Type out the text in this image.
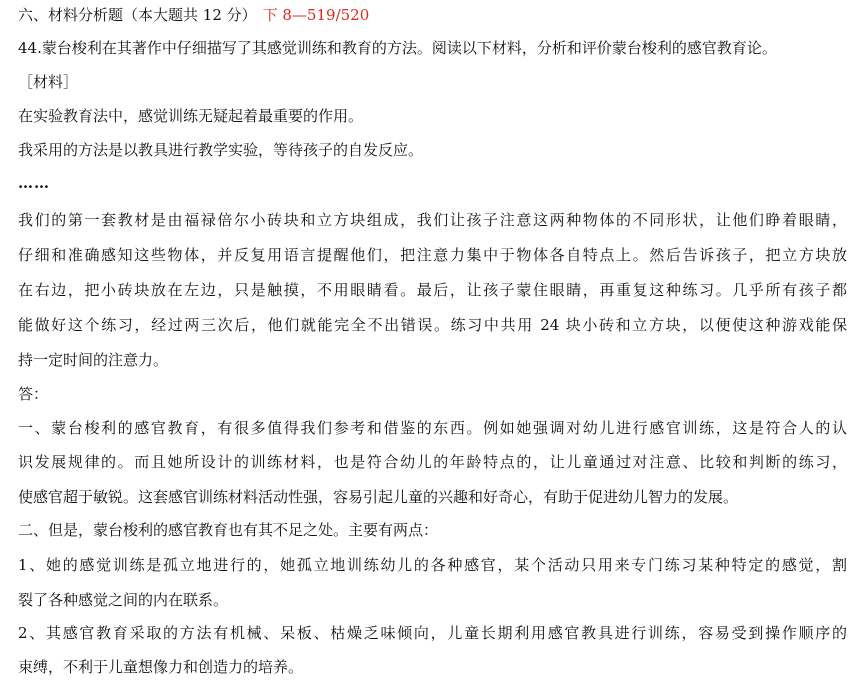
六、材料分析题（本大题共 12 分） 下 8—519/520
44.蒙台梭利在其著作中仔细描写了其感觉训练和教育的方法。阅读以下材料，分析和评价蒙台梭利的感官教育论。
［材料］
在实验教育法中，感觉训练无疑起着最重要的作用。
我采用的方法是以教具进行教学实验，等待孩子的自发反应。
……
我们的第一套教材是由福禄倍尔小砖块和立方块组成，我们让孩子注意这两种物体的不同形状，让他们睁着眼睛，
仔细和准确感知这些物体，并反复用语言提醒他们，把注意力集中于物体各自特点上。然后告诉孩子，把立方块放
在右边，把小砖块放在左边，只是触摸，不用眼睛看。最后，让孩子蒙住眼睛，再重复这种练习。几乎所有孩子都
能做好这个练习，经过两三次后，他们就能完全不出错误。练习中共用 24 块小砖和立方块，以便使这种游戏能保
持一定时间的注意力。
答：
一、蒙台梭利的感官教育，有很多值得我们参考和借鉴的东西。例如她强调对幼儿进行感官训练，这是符合人的认
识发展规律的。而且她所设计的训练材料，也是符合幼儿的年龄特点的，让儿童通过对注意、比较和判断的练习，
使感官超于敏锐。这套感官训练材料活动性强，容易引起儿童的兴趣和好奇心，有助于促进幼儿智力的发展。
二、但是，蒙台梭利的感官教育也有其不足之处。主要有两点：
1、她的感觉训练是孤立地进行的，她孤立地训练幼儿的各种感官，某个活动只用来专门练习某种特定的感觉，割
裂了各种感觉之间的内在联系。
2、其感官教育采取的方法有机械、呆板、枯燥乏味倾向，儿童长期利用感官教具进行训练，容易受到操作顺序的
束缚，不利于儿童想像力和创造力的培养。
